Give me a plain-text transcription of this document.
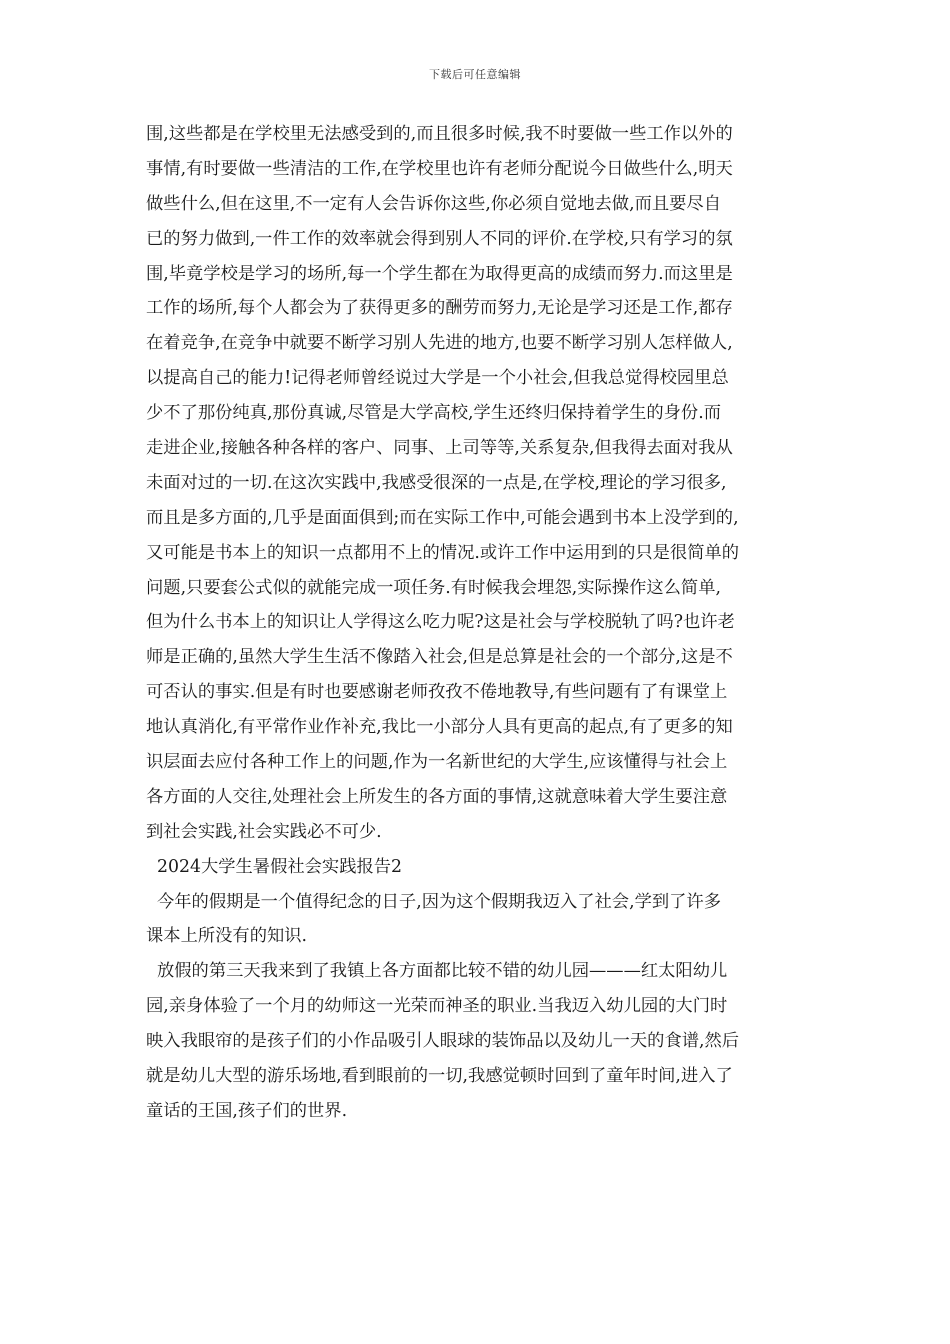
下载后可任意编辑
围,这些都是在学校里无法感受到的,而且很多时候,我不时要做一些工作以外的
事情,有时要做一些清洁的工作,在学校里也许有老师分配说今日做些什么,明天
做些什么,但在这里,不一定有人会告诉你这些,你必须自觉地去做,而且要尽自
已的努力做到,一件工作的效率就会得到别人不同的评价.在学校,只有学习的氛
围,毕竟学校是学习的场所,每一个学生都在为取得更高的成绩而努力.而这里是
工作的场所,每个人都会为了获得更多的酬劳而努力,无论是学习还是工作,都存
在着竞争,在竞争中就要不断学习别人先进的地方,也要不断学习别人怎样做人,
以提高自己的能力!记得老师曾经说过大学是一个小社会,但我总觉得校园里总
少不了那份纯真,那份真诚,尽管是大学高校,学生还终归保持着学生的身份.而
走进企业,接触各种各样的客户、同事、上司等等,关系复杂,但我得去面对我从
未面对过的一切.在这次实践中,我感受很深的一点是,在学校,理论的学习很多,
而且是多方面的,几乎是面面俱到;而在实际工作中,可能会遇到书本上没学到的,
又可能是书本上的知识一点都用不上的情况.或许工作中运用到的只是很简单的
问题,只要套公式似的就能完成一项任务.有时候我会埋怨,实际操作这么简单,
但为什么书本上的知识让人学得这么吃力呢?这是社会与学校脱轨了吗?也许老
师是正确的,虽然大学生生活不像踏入社会,但是总算是社会的一个部分,这是不
可否认的事实.但是有时也要感谢老师孜孜不倦地教导,有些问题有了有课堂上
地认真消化,有平常作业作补充,我比一小部分人具有更高的起点,有了更多的知
识层面去应付各种工作上的问题,作为一名新世纪的大学生,应该懂得与社会上
各方面的人交往,处理社会上所发生的各方面的事情,这就意味着大学生要注意
到社会实践,社会实践必不可少.
2024大学生暑假社会实践报告2
今年的假期是一个值得纪念的日子,因为这个假期我迈入了社会,学到了许多
课本上所没有的知识.
放假的第三天我来到了我镇上各方面都比较不错的幼儿园———红太阳幼儿
园,亲身体验了一个月的幼师这一光荣而神圣的职业.当我迈入幼儿园的大门时
映入我眼帘的是孩子们的小作品吸引人眼球的装饰品以及幼儿一天的食谱,然后
就是幼儿大型的游乐场地,看到眼前的一切,我感觉顿时回到了童年时间,进入了
童话的王国,孩子们的世界.
